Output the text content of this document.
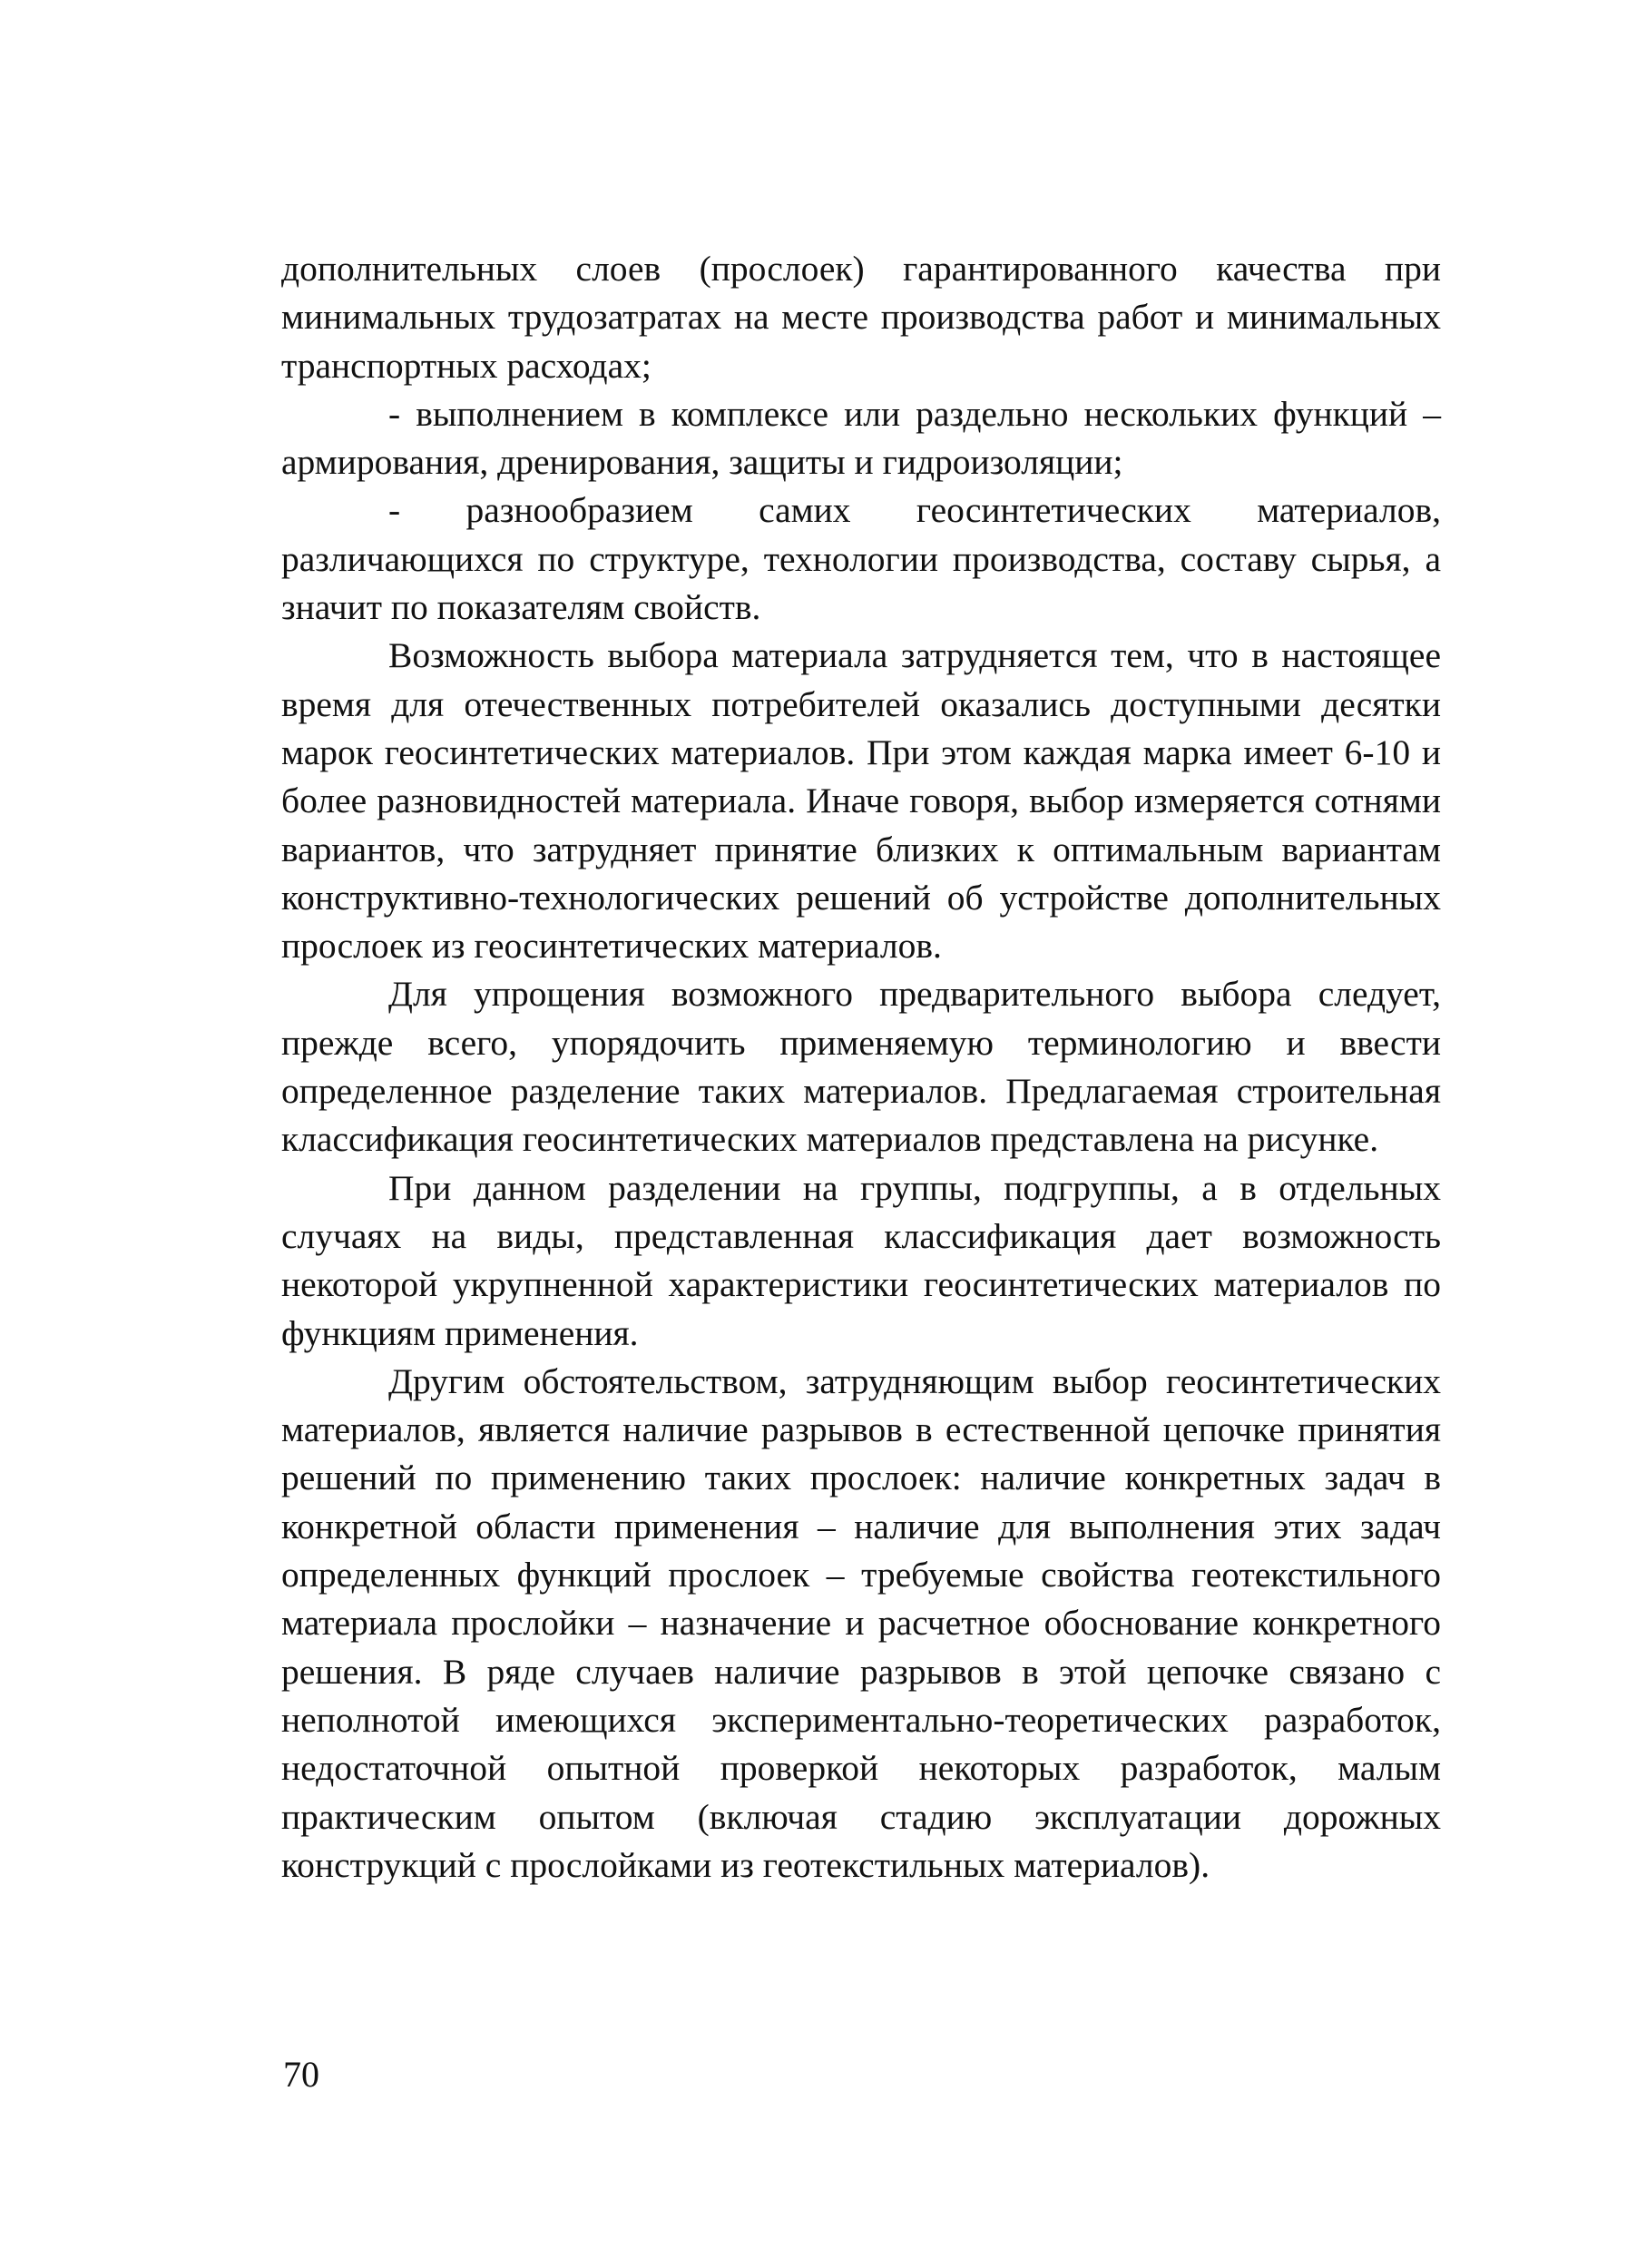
дополнительных слоев (прослоек) гарантированного качества при минимальных трудозатратах на месте производства работ и минимальных транспортных расходах;

- выполнением в комплексе или раздельно нескольких функций – армирования, дренирования, защиты и гидроизоляции;

- разнообразием самих геосинтетических материалов, различающихся по структуре, технологии производства, составу сырья, а значит по показателям свойств.

Возможность выбора материала затрудняется тем, что в настоящее время для отечественных потребителей оказались доступными десятки марок геосинтетических материалов. При этом каждая марка имеет 6-10 и более разновидностей материала. Иначе говоря, выбор измеряется сотнями вариантов, что затрудняет принятие близких к оптимальным вариантам конструктивно-технологических решений об устройстве дополнительных прослоек из геосинтетических материалов.

Для упрощения возможного предварительного выбора следует, прежде всего, упорядочить применяемую терминологию и ввести определенное разделение таких материалов. Предлагаемая строительная классификация геосинтетических материалов представлена на рисунке.

При данном разделении на группы, подгруппы, а в отдельных случаях на виды, представленная классификация дает возможность некоторой укрупненной характеристики геосинтетических материалов по функциям применения.

Другим обстоятельством, затрудняющим выбор геосинтетических материалов, является наличие разрывов в естественной цепочке принятия решений по применению таких прослоек: наличие конкретных задач в конкретной области применения – наличие для выполнения этих задач определенных функций прослоек – требуемые свойства геотекстильного материала прослойки – назначение и расчетное обоснование конкретного решения. В ряде случаев наличие разрывов в этой цепочке связано с неполнотой имеющихся экспериментально-теоретических разработок, недостаточной опытной проверкой некоторых разработок, малым практическим опытом (включая стадию эксплуатации дорожных конструкций с прослойками из геотекстильных материалов).

70
